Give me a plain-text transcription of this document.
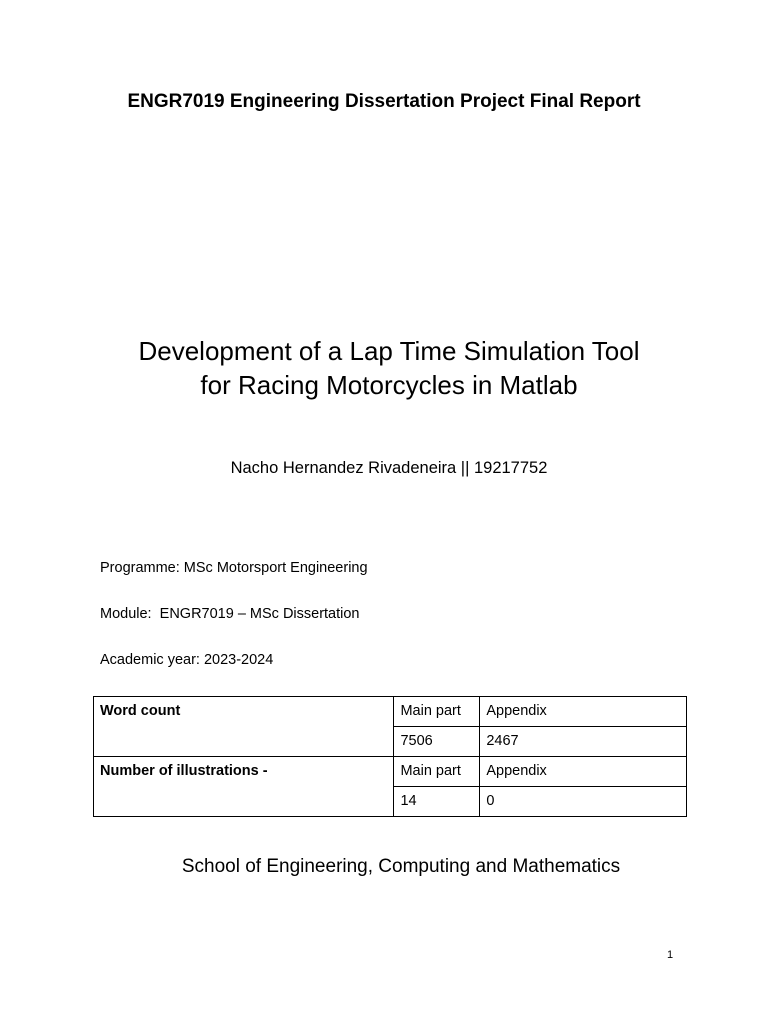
ENGR7019 Engineering Dissertation Project Final Report
Development of a Lap Time Simulation Tool
for Racing Motorcycles in Matlab
Nacho Hernandez Rivadeneira || 19217752
Programme: MSc Motorsport Engineering
Module:  ENGR7019 – MSc Dissertation
Academic year: 2023-2024
Word count	Main part	Appendix
	7506	2467
Number of illustrations -	Main part	Appendix
	14	0
School of Engineering, Computing and Mathematics
1
